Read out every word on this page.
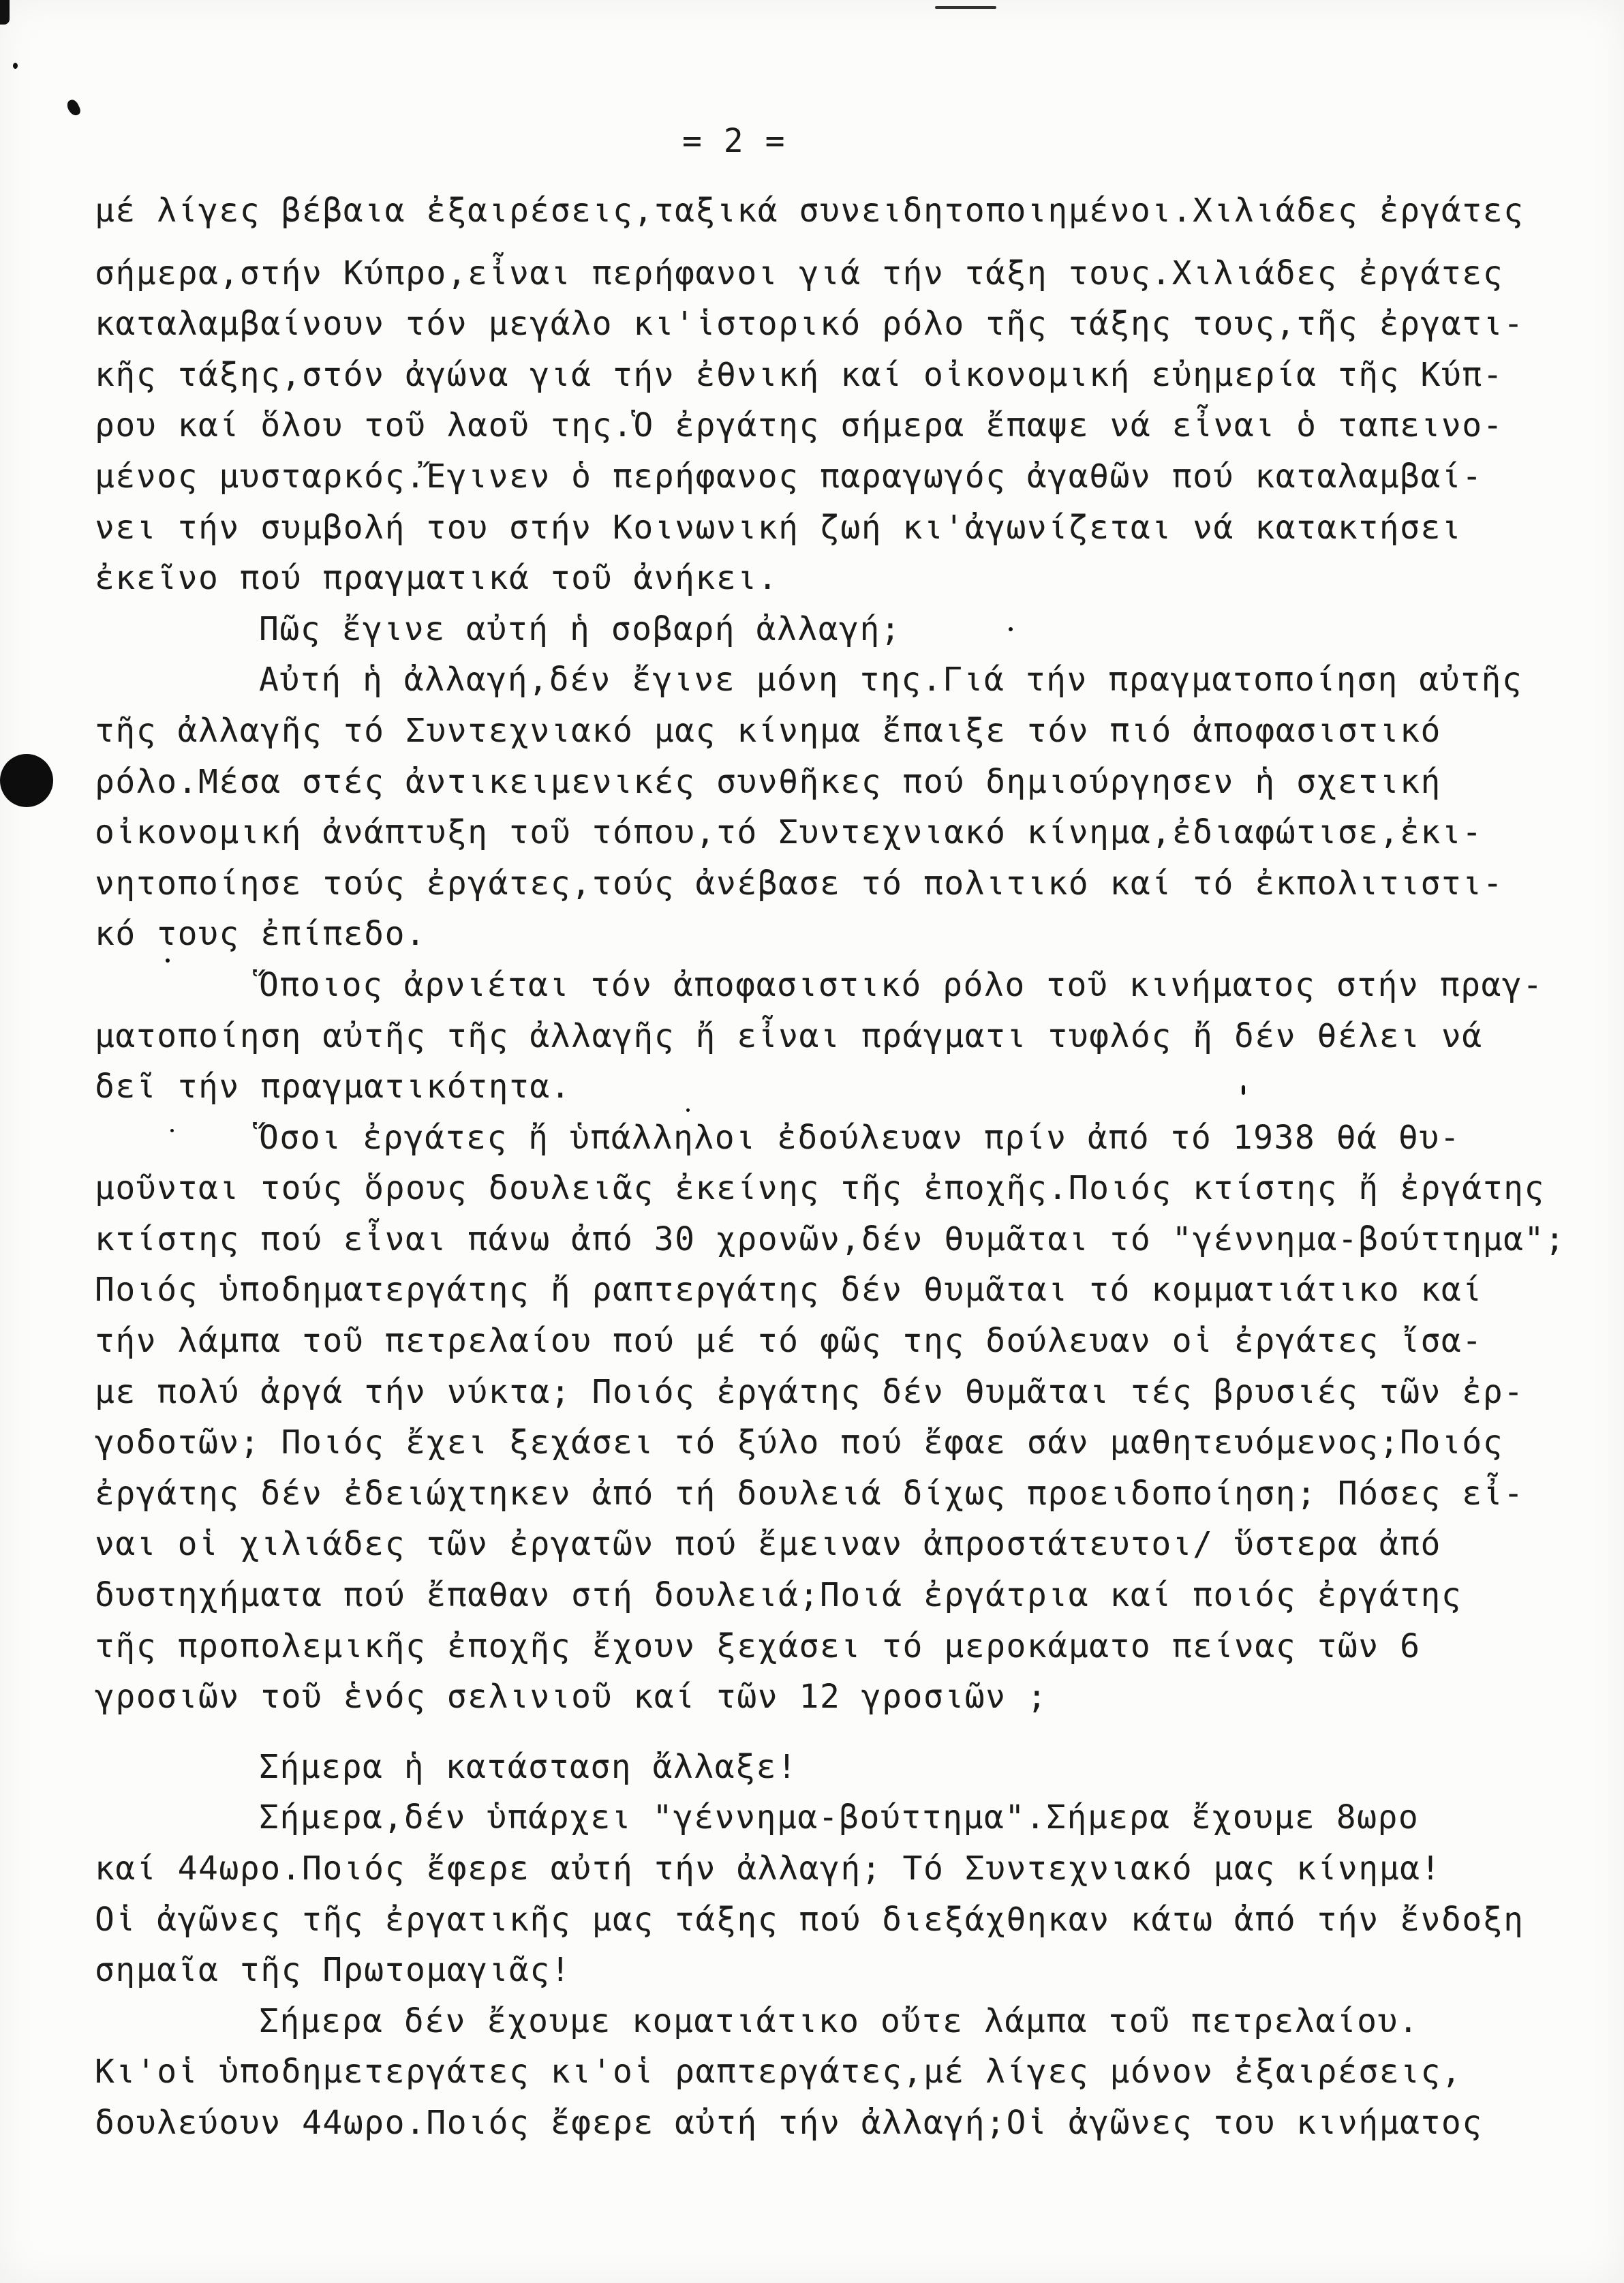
= 2 =
μέ λίγες βέβαια ἐξαιρέσεις,ταξικά συνειδητοποιημένοι.Χιλιάδες ἐργάτες
σήμερα,στήν Κύπρο,εἶναι περήφανοι γιά τήν τάξη τους.Χιλιάδες ἐργάτες
καταλαμβαίνουν τόν μεγάλο κι'ἱστορικό ρόλο τῆς τάξης τους,τῆς ἐργατι-
κῆς τάξης,στόν ἀγώνα γιά τήν ἐθνική καί οἰκονομική εὐημερία τῆς Κύπ-
ρου καί ὅλου τοῦ λαοῦ της.Ὁ ἐργάτης σήμερα ἔπαψε νά εἶναι ὁ ταπεινο-
μένος μυσταρκός.Ἔγινεν ὁ περήφανος παραγωγός ἀγαθῶν πού καταλαμβαί-
νει τήν συμβολή του στήν Κοινωνική ζωή κι'ἀγωνίζεται νά κατακτήσει
ἐκεῖνο πού πραγματικά τοῦ ἀνήκει.
Πῶς ἔγινε αὐτή ἡ σοβαρή ἀλλαγή;
Αὐτή ἡ ἀλλαγή,δέν ἔγινε μόνη της.Γιά τήν πραγματοποίηση αὐτῆς
τῆς ἀλλαγῆς τό Συντεχνιακό μας κίνημα ἔπαιξε τόν πιό ἀποφασιστικό
ρόλο.Μέσα στές ἀντικειμενικές συνθῆκες πού δημιούργησεν ἡ σχετική
οἰκονομική ἀνάπτυξη τοῦ τόπου,τό Συντεχνιακό κίνημα,ἐδιαφώτισε,ἐκι-
νητοποίησε τούς ἐργάτες,τούς ἀνέβασε τό πολιτικό καί τό ἐκπολιτιστι-
κό τους ἐπίπεδο.
Ὅποιος ἀρνιέται τόν ἀποφασιστικό ρόλο τοῦ κινήματος στήν πραγ-
ματοποίηση αὐτῆς τῆς ἀλλαγῆς ἤ εἶναι πράγματι τυφλός ἤ δέν θέλει νά
δεῖ τήν πραγματικότητα.
Ὅσοι ἐργάτες ἤ ὑπάλληλοι ἐδούλευαν πρίν ἀπό τό 1938 θά θυ-
μοῦνται τούς ὅρους δουλειᾶς ἐκείνης τῆς ἐποχῆς.Ποιός κτίστης ἤ ἐργάτης
κτίστης πού εἶναι πάνω ἀπό 30 χρονῶν,δέν θυμᾶται τό "γέννημα-βούττημα";
Ποιός ὑποδηματεργάτης ἤ ραπτεργάτης δέν θυμᾶται τό κομματιάτικο καί
τήν λάμπα τοῦ πετρελαίου πού μέ τό φῶς της δούλευαν οἱ ἐργάτες ἴσα-
με πολύ ἀργά τήν νύκτα; Ποιός ἐργάτης δέν θυμᾶται τές βρυσιές τῶν ἐρ-
γοδοτῶν; Ποιός ἔχει ξεχάσει τό ξύλο πού ἔφαε σάν μαθητευόμενος;Ποιός
ἐργάτης δέν ἐδειώχτηκεν ἀπό τή δουλειά δίχως προειδοποίηση; Πόσες εἶ-
ναι οἱ χιλιάδες τῶν ἐργατῶν πού ἔμειναν ἀπροστάτευτοι/ ὕστερα ἀπό
δυστηχήματα πού ἔπαθαν στή δουλειά;Ποιά ἐργάτρια καί ποιός ἐργάτης
τῆς προπολεμικῆς ἐποχῆς ἔχουν ξεχάσει τό μεροκάματο πείνας τῶν 6
γροσιῶν τοῦ ἑνός σελινιοῦ καί τῶν 12 γροσιῶν ;
Σήμερα ἡ κατάσταση ἄλλαξε!
Σήμερα,δέν ὑπάρχει "γέννημα-βούττημα".Σήμερα ἔχουμε 8ωρο
καί 44ωρο.Ποιός ἔφερε αὐτή τήν ἀλλαγή; Τό Συντεχνιακό μας κίνημα!
Οἱ ἀγῶνες τῆς ἐργατικῆς μας τάξης πού διεξάχθηκαν κάτω ἀπό τήν ἔνδοξη
σημαῖα τῆς Πρωτομαγιᾶς!
Σήμερα δέν ἔχουμε κοματιάτικο οὔτε λάμπα τοῦ πετρελαίου.
Κι'οἱ ὑποδημετεργάτες κι'οἱ ραπτεργάτες,μέ λίγες μόνον ἐξαιρέσεις,
δουλεύουν 44ωρο.Ποιός ἔφερε αὐτή τήν ἀλλαγή;Οἱ ἀγῶνες του κινήματος
